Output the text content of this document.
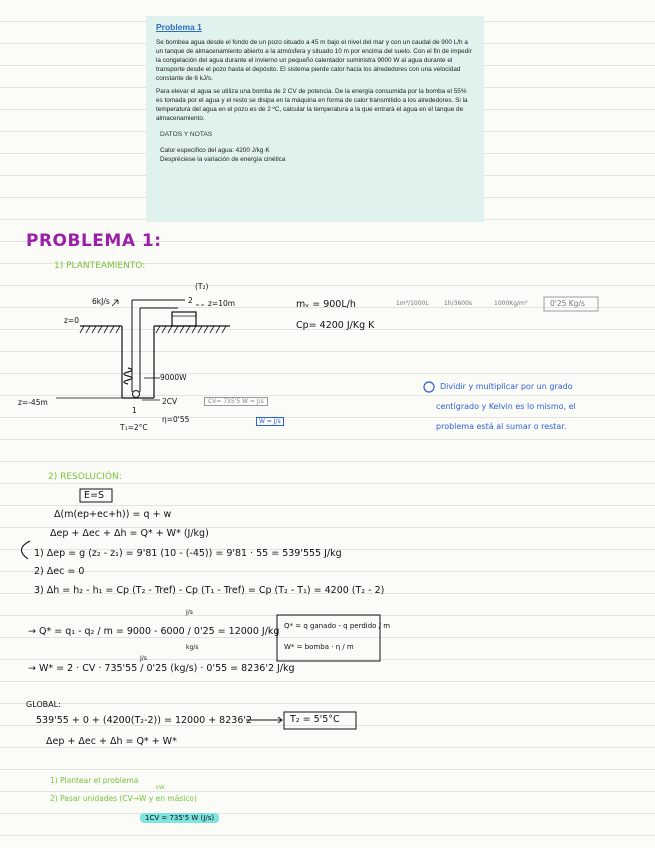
Problema 1

Se bombea agua desde el fondo de un pozo situado a 45 m bajo el nivel del mar y con un caudal de 900 L/h a un tanque de almacenamiento abierto a la atmósfera y situado 10 m por encima del suelo. Con el fin de impedir la congelación del agua durante el invierno un pequeño calentador suministra 9000 W al agua durante el transporte desde el pozo hasta el depósito. El sistema pierde calor hacia los alrededores con una velocidad constante de 6 kJ/s.

Para elevar el agua se utiliza una bomba de 2 CV de potencia. De la energía consumida por la bomba el 55% es tomada por el agua y el resto se disipa en la máquina en forma de calor transmitido a los alrededores. Si la temperatura del agua en el pozo es de 2 ºC, calcular la temperatura a la que entrará el agua en el tanque de almacenamiento.

DATOS Y NOTAS
Calor específico del agua: 4200 J/kg·K
Despréciese la variación de energía cinética
PROBLEMA 1:
1) PLANTEAMIENTO:
(T₂)
6kJ/s	2 z=10m
z=0
9000W
z=-45m
1
T₁=2°C
2CV
η=0'55
CV= 735'5 W = J/s
W = J/s
mᵥ = 900L/h	1m³/1000L	1h/3600s	1000Kg/m³	0'25 Kg/s
Cp= 4200 J/Kg K
Dividir y multiplicar por un grado
centígrado y Kelvin es lo mismo, el
problema está al sumar o restar.
2) RESOLUCIÓN:
E=S
Δ(m(ep+ec+h)) = q + w
Δep + Δec + Δh = Q* + W* (J/kg)
1) Δep = g (z₂ - z₁) = 9'81 (10 - (-45)) = 9'81 · 55 = 539'555 J/kg
2) Δec = 0
3) Δh = h₂ - h₁ = Cp (T₂ - Tref) - Cp (T₁ - Tref) = Cp (T₂ - T₁) = 4200 (T₂ - 2)
J/s
→ Q* = q₁ - q₂ / m = 9000 - 6000 / 0'25 = 12000 J/kg
kg/s
J/s
→ W* = 2 · CV · 735'55 / 0'25 (kg/s) · 0'55 = 8236'2 J/kg
Q* = q ganado - q perdido / m
W* = bomba · η / m
GLOBAL:
539'55 + 0 + (4200(T₂-2)) = 12000 + 8236'2	T₂ = 5'5°C
Δep + Δec + Δh = Q* + W*
1) Plantear el problema
kW
2) Pasar unidades (CV→W y en másico)
1CV = 735'5 W (J/s)
